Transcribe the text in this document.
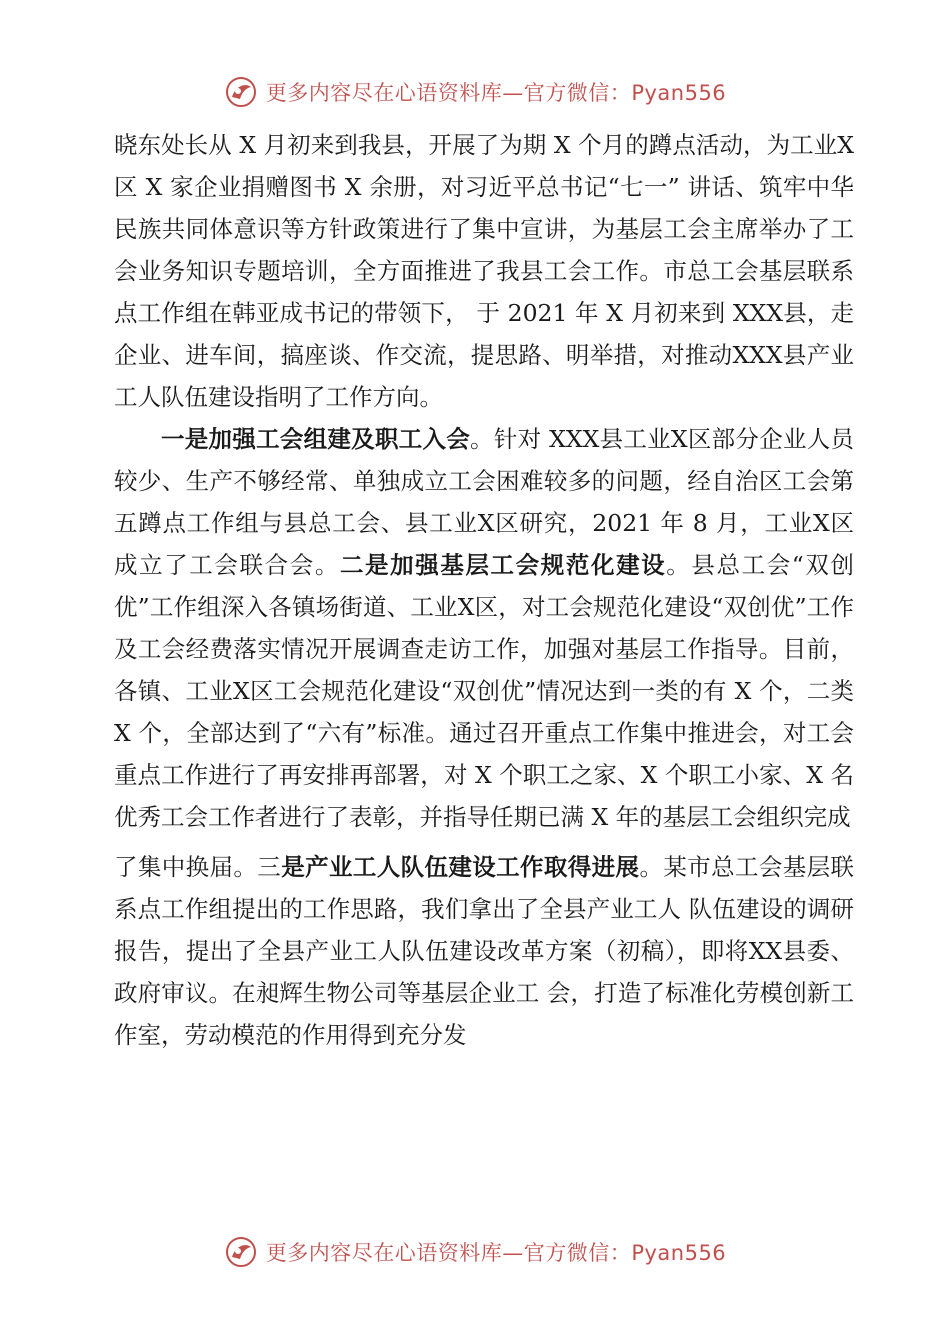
更多内容尽在心语资料库—官方微信：Pyan556

晓东处长从 X 月初来到我县，开展了为期 X 个月的蹲点活动，为工业X区 X 家企业捐赠图书 X 余册，对习近平总书记“七一” 讲话、筑牢中华民族共同体意识等方针政策进行了集中宣讲，为基层工会主席举办了工会业务知识专题培训，全方面推进了我县工会工作。市总工会基层联系点工作组在韩亚成书记的带领下， 于 2021 年 X 月初来到 XXX县，走企业、进车间，搞座谈、作交流，提思路、明举措，对推动XXX县产业工人队伍建设指明了工作方向。

一是加强工会组建及职工入会。针对 XXX县工业X区部分企业人员较少、生产不够经常、单独成立工会困难较多的问题，经自治区工会第五蹲点工作组与县总工会、县工业X区研究，2021 年 8 月，工业X区成立了工会联合会。二是加强基层工会规范化建设。县总工会“双创优”工作组深入各镇场街道、工业X区，对工会规范化建设“双创优”工作及工会经费落实情况开展调查走访工作，加强对基层工作指导。目前，各镇、工业X区工会规范化建设“双创优”情况达到一类的有 X 个，二类 X 个，全部达到了“六有”标准。通过召开重点工作集中推进会，对工会重点工作进行了再安排再部署，对 X 个职工之家、X 个职工小家、X 名优秀工会工作者进行了表彰，并指导任期已满 X 年的基层工会组织完成

了集中换届。三是产业工人队伍建设工作取得进展。某市总工会基层联系点工作组提出的工作思路，我们拿出了全县产业工人 队伍建设的调研报告，提出了全县产业工人队伍建设改革方案（初稿），即将XX县委、政府审议。在昶辉生物公司等基层企业工 会，打造了标准化劳模创新工作室，劳动模范的作用得到充分发

更多内容尽在心语资料库—官方微信：Pyan556
